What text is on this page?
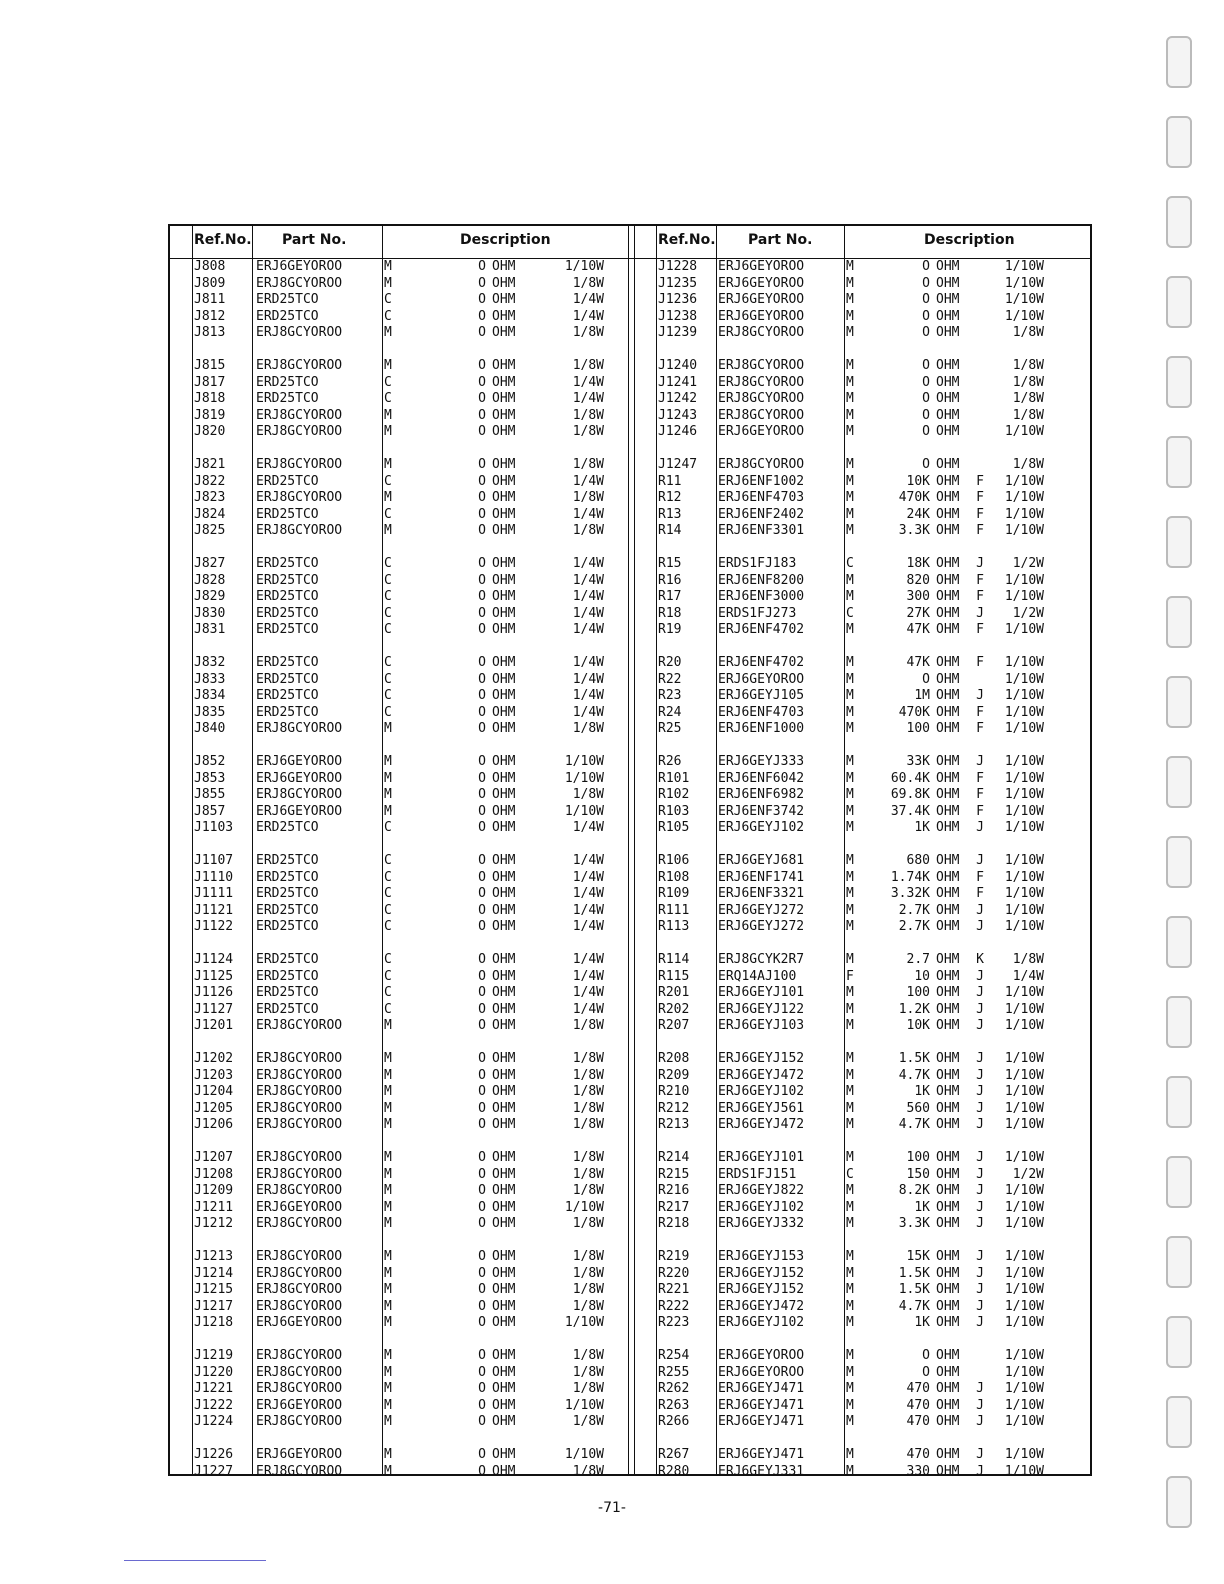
Ref.No. Part No.	Description
J808 ERJ6GEYOROO	M	O OHM	1/10W
J809 ERJ8GCYOROO	M	O OHM	1/8W
J811 ERD25TCO	C	O OHM	1/4W
J812 ERD25TCO	C	O OHM	1/4W
J813 ERJ8GCYOROO	M	O OHM	1/8W
J815 ERJ8GCYOROO	M	O OHM	1/8W
J817 ERD25TCO	C	O OHM	1/4W
J818 ERD25TCO	C	O OHM	1/4W
J819 ERJ8GCYOROO	M	O OHM	1/8W
J820 ERJ8GCYOROO	M	O OHM	1/8W
J821 ERJ8GCYOROO	M	O OHM	1/8W
J822 ERD25TCO	C	O OHM	1/4W
J823 ERJ8GCYOROO	M	O OHM	1/8W
J824 ERD25TCO	C	O OHM	1/4W
J825 ERJ8GCYOROO	M	O OHM	1/8W
J827 ERD25TCO	C	O OHM	1/4W
J828 ERD25TCO	C	O OHM	1/4W
J829 ERD25TCO	C	O OHM	1/4W
J830 ERD25TCO	C	O OHM	1/4W
J831 ERD25TCO	C	O OHM	1/4W
J832 ERD25TCO	C	O OHM	1/4W
J833 ERD25TCO	C	O OHM	1/4W
J834 ERD25TCO	C	O OHM	1/4W
J835 ERD25TCO	C	O OHM	1/4W
J840 ERJ8GCYOROO	M	O OHM	1/8W
J852 ERJ6GEYOROO	M	O OHM	1/10W
J853 ERJ6GEYOROO	M	O OHM	1/10W
J855 ERJ8GCYOROO	M	O OHM	1/8W
J857 ERJ6GEYOROO	M	O OHM	1/10W
J1103 ERD25TCO	C	O OHM	1/4W
J1107 ERD25TCO	C	O OHM	1/4W
J1110 ERD25TCO	C	O OHM	1/4W
J1111 ERD25TCO	C	O OHM	1/4W
J1121 ERD25TCO	C	O OHM	1/4W
J1122 ERD25TCO	C	O OHM	1/4W
J1124 ERD25TCO	C	O OHM	1/4W
J1125 ERD25TCO	C	O OHM	1/4W
J1126 ERD25TCO	C	O OHM	1/4W
J1127 ERD25TCO	C	O OHM	1/4W
J1201 ERJ8GCYOROO	M	O OHM	1/8W
J1202 ERJ8GCYOROO	M	O OHM	1/8W
J1203 ERJ8GCYOROO	M	O OHM	1/8W
J1204 ERJ8GCYOROO	M	O OHM	1/8W
J1205 ERJ8GCYOROO	M	O OHM	1/8W
J1206 ERJ8GCYOROO	M	O OHM	1/8W
J1207 ERJ8GCYOROO	M	O OHM	1/8W
J1208 ERJ8GCYOROO	M	O OHM	1/8W
J1209 ERJ8GCYOROO	M	O OHM	1/8W
J1211 ERJ6GEYOROO	M	O OHM	1/10W
J1212 ERJ8GCYOROO	M	O OHM	1/8W
J1213 ERJ8GCYOROO	M	O OHM	1/8W
J1214 ERJ8GCYOROO	M	O OHM	1/8W
J1215 ERJ8GCYOROO	M	O OHM	1/8W
J1217 ERJ8GCYOROO	M	O OHM	1/8W
J1218 ERJ6GEYOROO	M	O OHM	1/10W
J1219 ERJ8GCYOROO	M	O OHM	1/8W
J1220 ERJ8GCYOROO	M	O OHM	1/8W
J1221 ERJ8GCYOROO	M	O OHM	1/8W
J1222 ERJ6GEYOROO	M	O OHM	1/10W
J1224 ERJ8GCYOROO	M	O OHM	1/8W
J1226 ERJ6GEYOROO	M	O OHM	1/10W
J1227 ERJ8GCYOROO	M	O OHM	1/8W
Ref.No. Part No.	Description
J1228 ERJ6GEYOROO	M	O OHM	1/10W
J1235 ERJ6GEYOROO	M	O OHM	1/10W
J1236 ERJ6GEYOROO	M	O OHM	1/10W
J1238 ERJ6GEYOROO	M	O OHM	1/10W
J1239 ERJ8GCYOROO	M	O OHM	1/8W
J1240 ERJ8GCYOROO	M	O OHM	1/8W
J1241 ERJ8GCYOROO	M	O OHM	1/8W
J1242 ERJ8GCYOROO	M	O OHM	1/8W
J1243 ERJ8GCYOROO	M	O OHM	1/8W
J1246 ERJ6GEYOROO	M	O OHM	1/10W
J1247 ERJ8GCYOROO	M	O OHM	1/8W
R11	ERJ6ENF1002	M	10K OHM F	1/10W
R12	ERJ6ENF4703	M	470K OHM F	1/10W
R13	ERJ6ENF2402	M	24K OHM F	1/10W
R14	ERJ6ENF3301	M	3.3K OHM F	1/10W
R15	ERDS1FJ183	C	18K OHM J	1/2W
R16	ERJ6ENF8200	M	820 OHM F	1/10W
R17	ERJ6ENF3000	M	300 OHM F	1/10W
R18	ERDS1FJ273	C	27K OHM J	1/2W
R19	ERJ6ENF4702	M	47K OHM F	1/10W
R20	ERJ6ENF4702	M	47K OHM F	1/10W
R22	ERJ6GEYOROO	M	O OHM	1/10W
R23	ERJ6GEYJ105	M	1M OHM J	1/10W
R24	ERJ6ENF4703	M	470K OHM F	1/10W
R25	ERJ6ENF1000	M	100 OHM F	1/10W
R26	ERJ6GEYJ333	M	33K OHM J	1/10W
R101 ERJ6ENF6042	M	60.4K OHM F	1/10W
R102 ERJ6ENF6982	M	69.8K OHM F	1/10W
R103 ERJ6ENF3742	M	37.4K OHM F	1/10W
R105 ERJ6GEYJ102	M	1K OHM J	1/10W
R106 ERJ6GEYJ681	M	680 OHM J	1/10W
R108 ERJ6ENF1741	M	1.74K OHM F	1/10W
R109 ERJ6ENF3321	M	3.32K OHM F	1/10W
R111 ERJ6GEYJ272	M	2.7K OHM J	1/10W
R113 ERJ6GEYJ272	M	2.7K OHM J	1/10W
R114 ERJ8GCYK2R7	M	2.7 OHM K	1/8W
R115 ERQ14AJ100	F	10 OHM J	1/4W
R201 ERJ6GEYJ101	M	100 OHM J	1/10W
R202 ERJ6GEYJ122	M	1.2K OHM J	1/10W
R207 ERJ6GEYJ103	M	10K OHM J	1/10W
R208 ERJ6GEYJ152	M	1.5K OHM J	1/10W
R209 ERJ6GEYJ472	M	4.7K OHM J	1/10W
R210 ERJ6GEYJ102	M	1K OHM J	1/10W
R212 ERJ6GEYJ561	M	560 OHM J	1/10W
R213 ERJ6GEYJ472	M	4.7K OHM J	1/10W
R214 ERJ6GEYJ101	M	100 OHM J	1/10W
R215 ERDS1FJ151	C	150 OHM J	1/2W
R216 ERJ6GEYJ822	M	8.2K OHM J	1/10W
R217 ERJ6GEYJ102	M	1K OHM J	1/10W
R218 ERJ6GEYJ332	M	3.3K OHM J	1/10W
R219 ERJ6GEYJ153	M	15K OHM J	1/10W
R220 ERJ6GEYJ152	M	1.5K OHM J	1/10W
R221 ERJ6GEYJ152	M	1.5K OHM J	1/10W
R222 ERJ6GEYJ472	M	4.7K OHM J	1/10W
R223 ERJ6GEYJ102	M	1K OHM J	1/10W
R254 ERJ6GEYOROO	M	O OHM	1/10W
R255 ERJ6GEYOROO	M	O OHM	1/10W
R262 ERJ6GEYJ471	M	470 OHM J	1/10W
R263 ERJ6GEYJ471	M	470 OHM J	1/10W
R266 ERJ6GEYJ471	M	470 OHM J	1/10W
R267 ERJ6GEYJ471	M	470 OHM J	1/10W
R280 ERJ6GEYJ331	M	330 OHM J	1/10W
-71-
